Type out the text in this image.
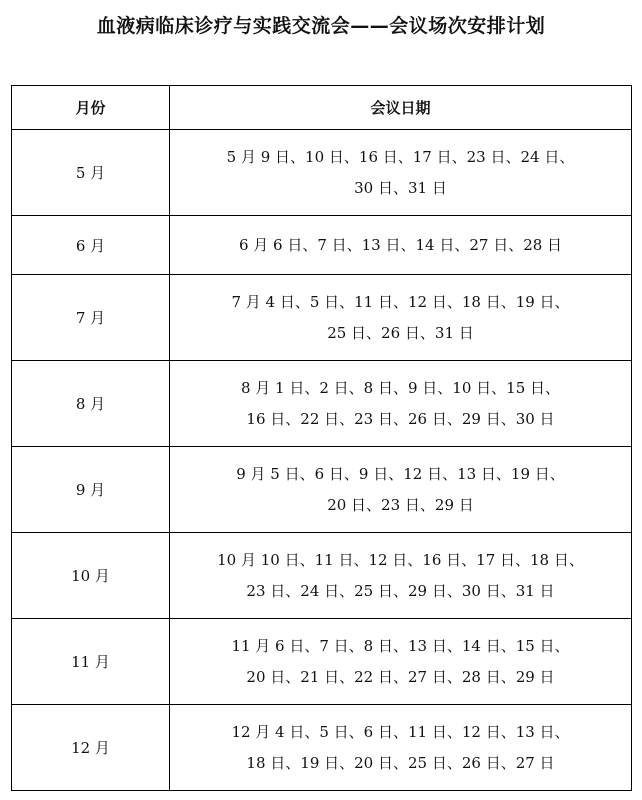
血液病临床诊疗与实践交流会——会议场次安排计划
月份	会议日期
5 月	5 月 9 日、10 日、16 日、17 日、23 日、24 日、
30 日、31 日

6 月	6 月 6 日、7 日、13 日、14 日、27 日、28 日

7 月	7 月 4 日、5 日、11 日、12 日、18 日、19 日、
25 日、26 日、31 日

8 月	8 月 1 日、2 日、8 日、9 日、10 日、15 日、
16 日、22 日、23 日、26 日、29 日、30 日

9 月	9 月 5 日、6 日、9 日、12 日、13 日、19 日、
20 日、23 日、29 日

10 月	10 月 10 日、11 日、12 日、16 日、17 日、18 日、
23 日、24 日、25 日、29 日、30 日、31 日

11 月	11 月 6 日、7 日、8 日、13 日、14 日、15 日、
20 日、21 日、22 日、27 日、28 日、29 日

12 月	12 月 4 日、5 日、6 日、11 日、12 日、13 日、
18 日、19 日、20 日、25 日、26 日、27 日
